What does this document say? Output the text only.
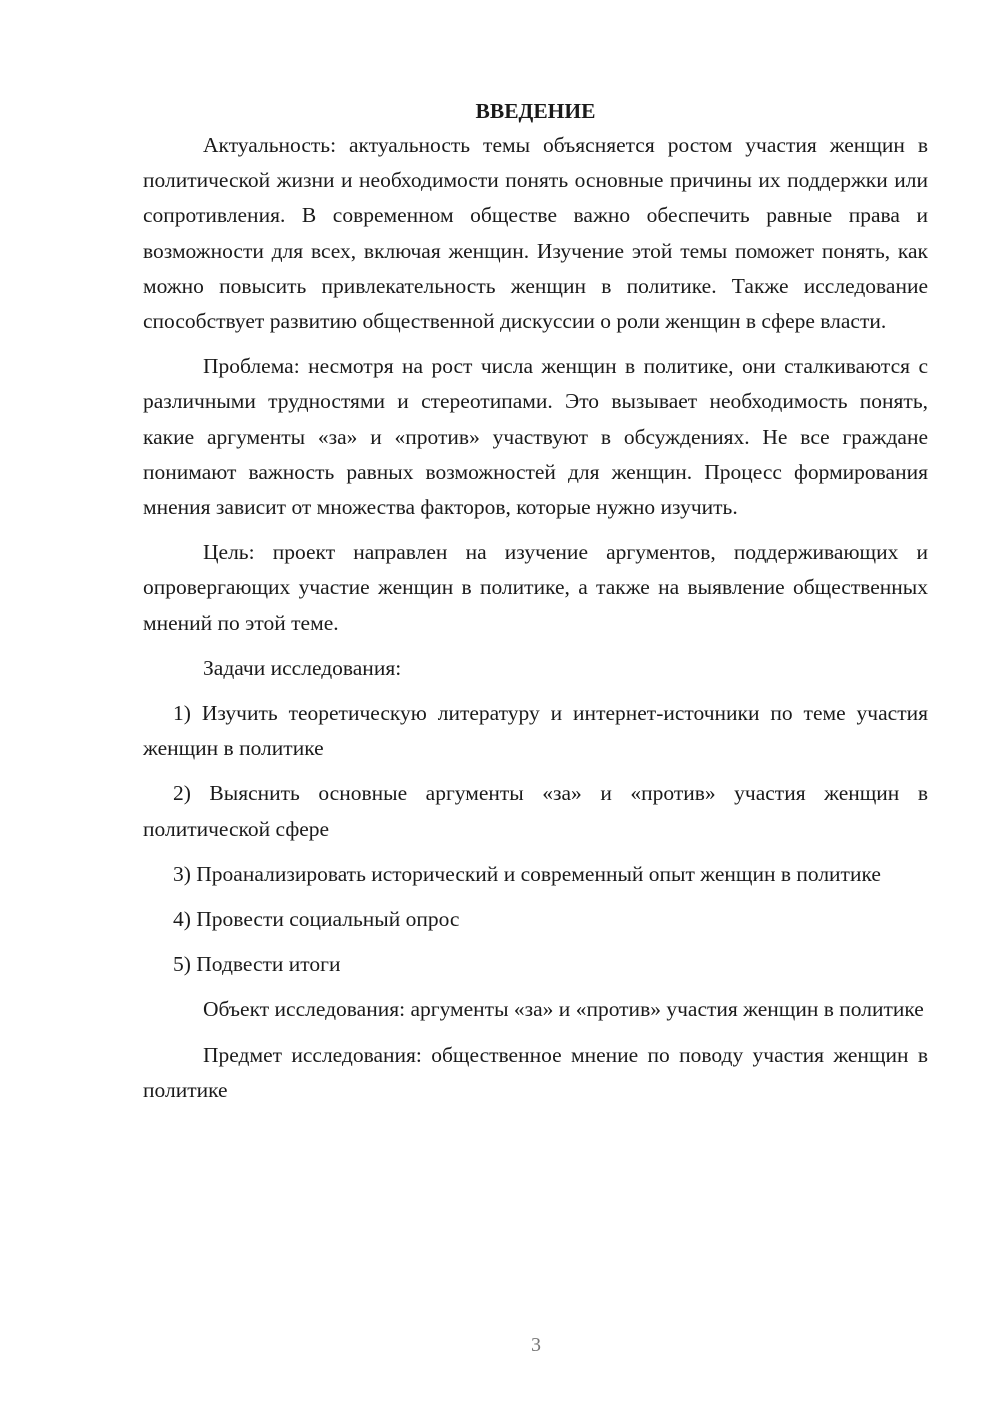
ВВЕДЕНИЕ

Актуальность: актуальность темы объясняется ростом участия женщин в политической жизни и необходимости понять основные причины их поддержки или сопротивления. В современном обществе важно обеспечить равные права и возможности для всех, включая женщин. Изучение этой темы поможет понять, как можно повысить привлекательность женщин в политике. Также исследование способствует развитию общественной дискуссии о роли женщин в сфере власти.

Проблема: несмотря на рост числа женщин в политике, они сталкиваются с различными трудностями и стереотипами. Это вызывает необходимость понять, какие аргументы «за» и «против» участвуют в обсуждениях. Не все граждане понимают важность равных возможностей для женщин. Процесс формирования мнения зависит от множества факторов, которые нужно изучить.

Цель: проект направлен на изучение аргументов, поддерживающих и опровергающих участие женщин в политике, а также на выявление общественных мнений по этой теме.

Задачи исследования:

1) Изучить теоретическую литературу и интернет-источники по теме участия женщин в политике

2) Выяснить основные аргументы «за» и «против» участия женщин в политической сфере

3) Проанализировать исторический и современный опыт женщин в политике

4) Провести социальный опрос

5) Подвести итоги

Объект исследования: аргументы «за» и «против» участия женщин в политике

Предмет исследования: общественное мнение по поводу участия женщин в политике

3
